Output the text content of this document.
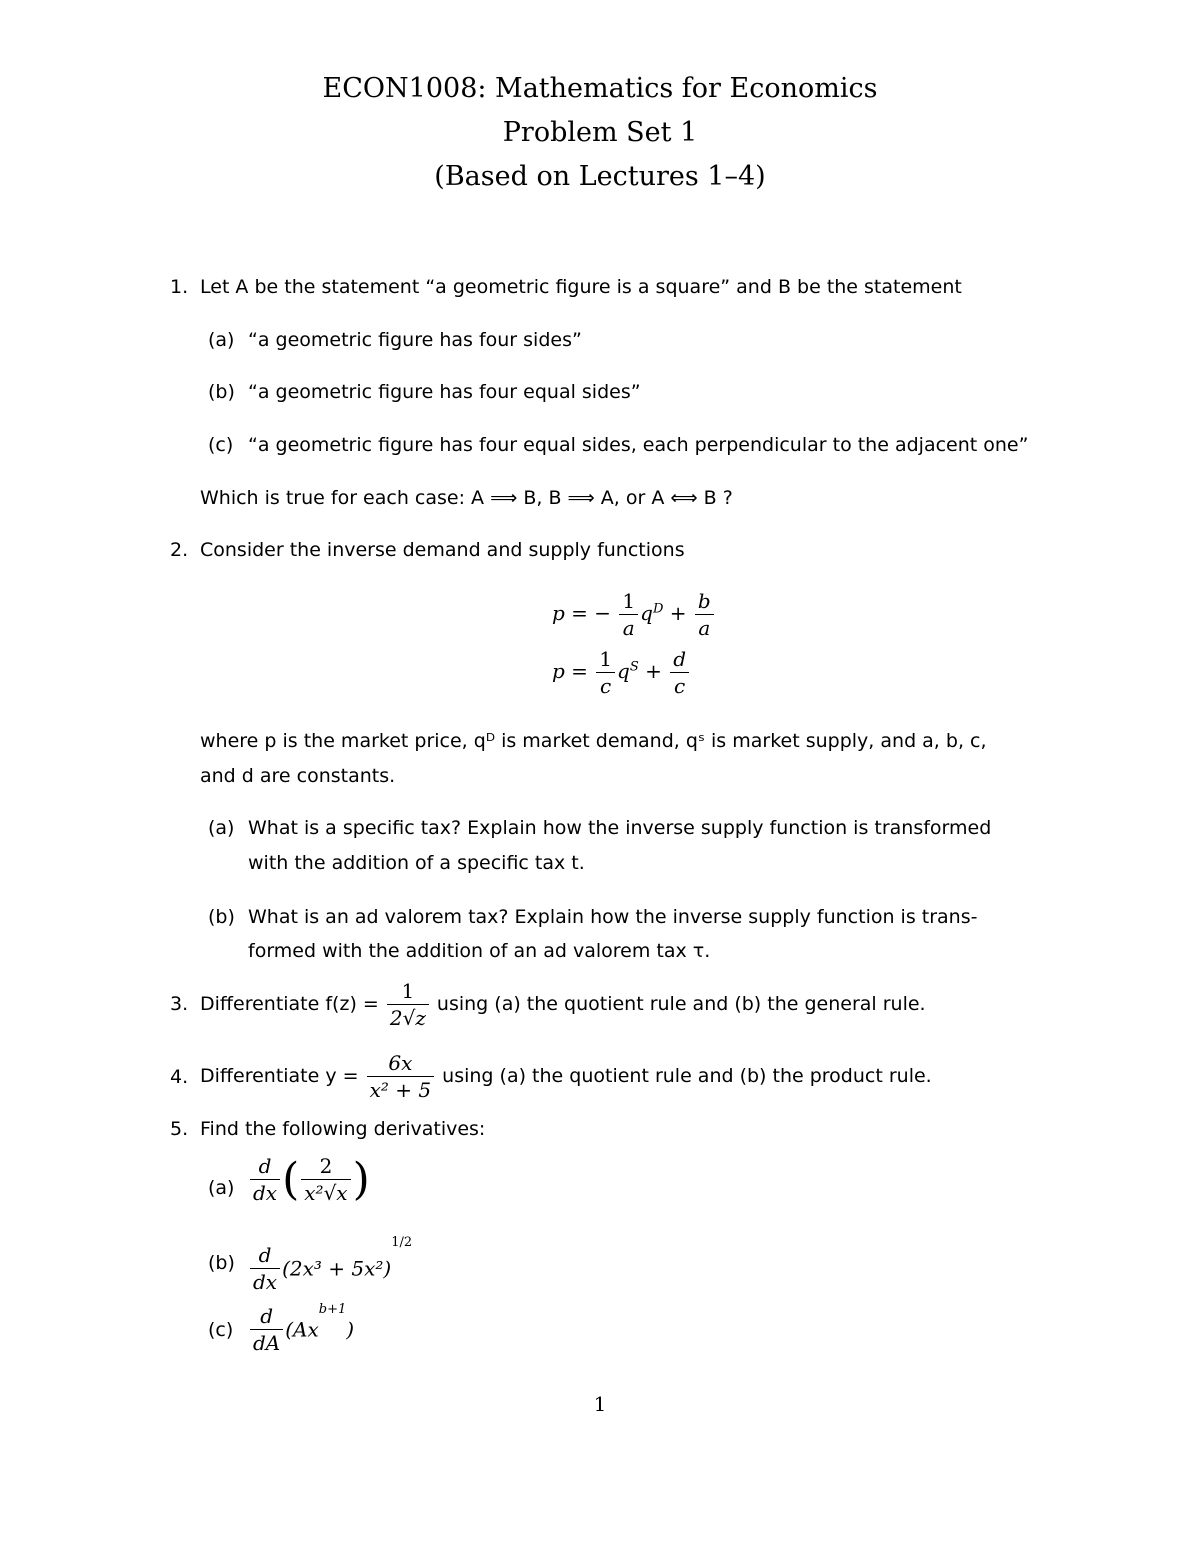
ECON1008: Mathematics for Economics
Problem Set 1
(Based on Lectures 1–4)
1. Let A be the statement “a geometric figure is a square” and B be the statement
(a) “a geometric figure has four sides”
(b) “a geometric figure has four equal sides”
(c) “a geometric figure has four equal sides, each perpendicular to the adjacent one”
Which is true for each case: A ⟹ B, B ⟹ A, or A ⟺ B ?
2. Consider the inverse demand and supply functions
p = − $\frac{1}{a} q^D + \frac{b}{a}$
$p = \frac{1}{c} q^S + \frac{d}{c}$
where p is the market price, qᴰ is market demand, qˢ is market supply, and a, b, c,
and d are constants.
(a) What is a specific tax? Explain how the inverse supply function is transformed
with the addition of a specific tax t.
(b) What is an ad valorem tax? Explain how the inverse supply function is trans-
formed with the addition of an ad valorem tax τ.
3. Differentiate $f(z) = \frac{1}{2√z}$ using (a) the quotient rule and (b) the general rule.
4. Differentiate $y = \frac{6x}{\text{x² + 5}}$ using (a) the quotient rule and (b) the product rule.
5. Find the following derivatives:
$(a) \frac{d}{dx}$ ( $\frac{2}{\text{x²√x}}$ )
$(b) \frac{d}{dx} (2x^3 + 5x^2)^{1/2}$
$(c) \frac{d}{dA} (Ax^{b+1})$
1
